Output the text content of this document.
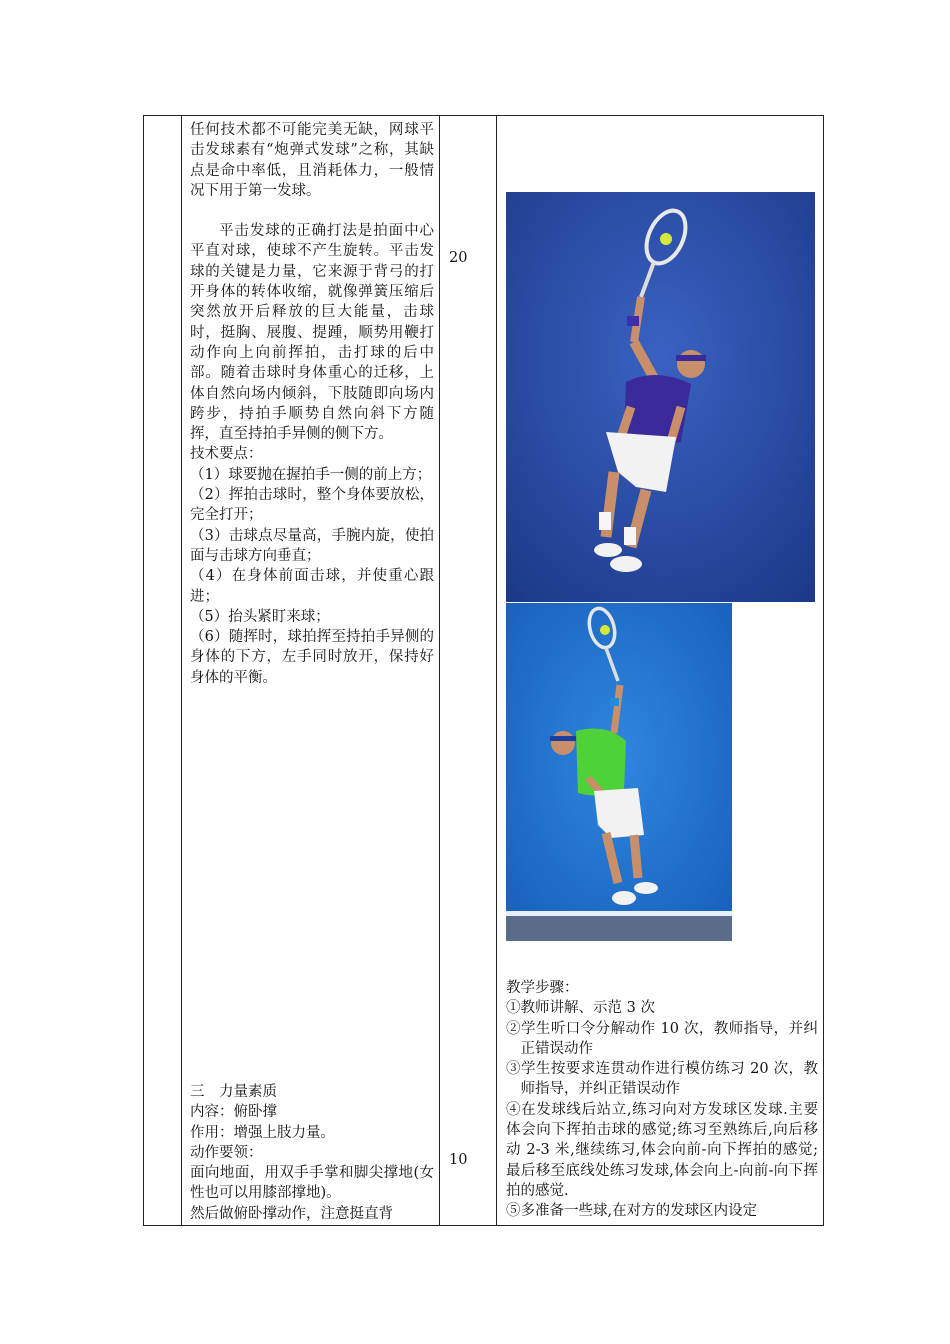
任何技术都不可能完美无缺，网球平击发球素有“炮弹式发球”之称，其缺点是命中率低，且消耗体力，一般情况下用于第一发球。

平击发球的正确打法是拍面中心平直对球，使球不产生旋转。平击发球的关键是力量，它来源于背弓的打开身体的转体收缩，就像弹簧压缩后突然放开后释放的巨大能量，击球时，挺胸、展腹、提踵，顺势用鞭打动作向上向前挥拍，击打球的后中部。随着击球时身体重心的迁移，上体自然向场内倾斜，下肢随即向场内跨步，持拍手顺势自然向斜下方随挥，直至持拍手异侧的侧下方。

技术要点：

（1）球要抛在握拍手一侧的前上方；

（2）挥拍击球时，整个身体要放松，完全打开；

（3）击球点尽量高，手腕内旋，使拍面与击球方向垂直；

（4）在身体前面击球，并使重心跟进；

（5）抬头紧盯来球；

（6）随挥时，球拍挥至持拍手异侧的身体的下方，左手同时放开，保持好身体的平衡。

三　力量素质

内容：俯卧撑

作用：增强上肢力量。

动作要领：

面向地面，用双手手掌和脚尖撑地(女性也可以用膝部撑地)。

然后做俯卧撑动作，注意挺直背

20
10

教学步骤：

①教师讲解、示范 3 次

②学生听口令分解动作 10 次，教师指导，并纠正错误动作

③学生按要求连贯动作进行模仿练习 20 次，教师指导，并纠正错误动作

④在发球线后站立,练习向对方发球区发球.主要体会向下挥拍击球的感觉;练习至熟练后,向后移动 2-3 米,继续练习,体会向前-向下挥拍的感觉;最后移至底线处练习发球,体会向上-向前-向下挥拍的感觉.

⑤多准备一些球,在对方的发球区内设定
